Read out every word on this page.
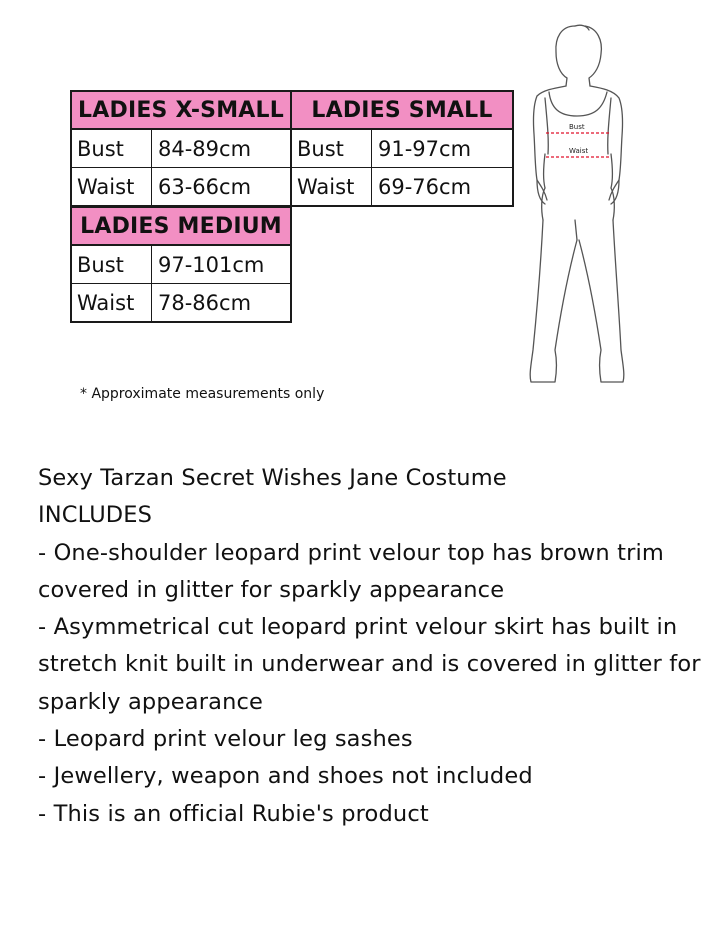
LADIES X-SMALL
Bust	84-89cm
Waist	63-66cm
LADIES SMALL
Bust	91-97cm
Waist	69-76cm
LADIES MEDIUM
Bust	97-101cm
Waist	78-86cm
* Approximate measurements only
Bust
Waist
Sexy Tarzan Secret Wishes Jane Costume
INCLUDES
- One-shoulder leopard print velour top has brown trim covered in glitter for sparkly appearance
- Asymmetrical cut leopard print velour skirt has built in stretch knit built in underwear and is covered in glitter for sparkly appearance
- Leopard print velour leg sashes
- Jewellery, weapon and shoes not included
- This is an official Rubie's product
